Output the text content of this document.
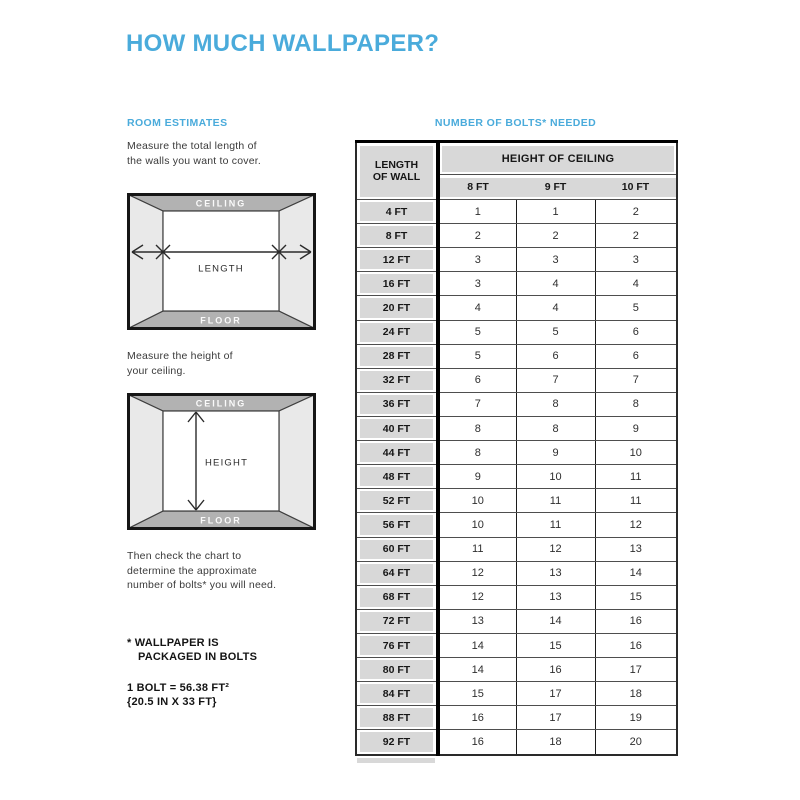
HOW MUCH WALLPAPER?
ROOM ESTIMATES

Measure the total length of
the walls you want to cover.

CEILING
FLOOR
LENGTH

Measure the height of
your ceiling.

CEILING
FLOOR
HEIGHT

Then check the chart to
determine the approximate
number of bolts* you will need.

* WALLPAPER IS
PACKAGED IN BOLTS

1 BOLT = 56.38 FT²
{20.5 IN X 33 FT}

NUMBER OF BOLTS* NEEDED
LENGTH
OF WALL	HEIGHT OF CEILING		
	8 FT	9 FT	10 FT
4 FT	1	1	2
8 FT	2	2	2
12 FT	3	3	3
16 FT	3	4	4
20 FT	4	4	5
24 FT	5	5	6
28 FT	5	6	6
32 FT	6	7	7
36 FT	7	8	8
40 FT	8	8	9
44 FT	8	9	10
48 FT	9	10	11
52 FT	10	11	11
56 FT	10	11	12
60 FT	11	12	13
64 FT	12	13	14
68 FT	12	13	15
72 FT	13	14	16
76 FT	14	15	16
80 FT	14	16	17
84 FT	15	17	18
88 FT	16	17	19
92 FT	16	18	20
